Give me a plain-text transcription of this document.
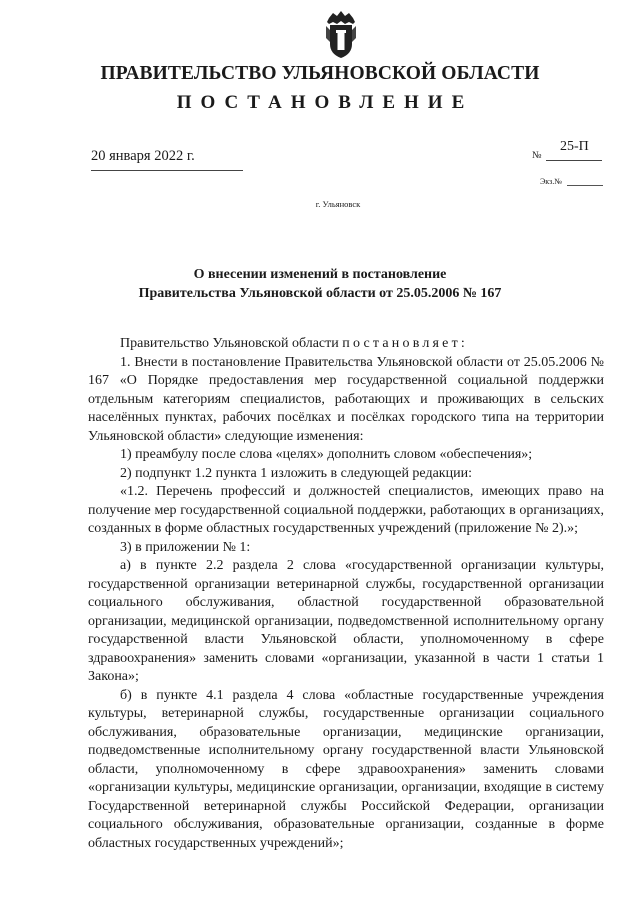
ПРАВИТЕЛЬСТВО УЛЬЯНОВСКОЙ ОБЛАСТИ
ПОСТАНОВЛЕНИЕ
20 января 2022 г.	№
25-П
Экз.№
г. Ульяновск
О внесении изменений в постановление
Правительства Ульяновской области от 25.05.2006 № 167

Правительство Ульяновской области постановляет:

1. Внести в постановление Правительства Ульяновской области от 25.05.2006 № 167 «О Порядке предоставления мер государственной социальной поддержки отдельным категориям специалистов, работающих и проживающих в сельских населённых пунктах, рабочих посёлках и посёлках городского типа на территории Ульяновской области» следующие изменения:

1) преамбулу после слова «целях» дополнить словом «обеспечения»;

2) подпункт 1.2 пункта 1 изложить в следующей редакции:

«1.2. Перечень профессий и должностей специалистов, имеющих право на получение мер государственной социальной поддержки, работающих в организациях, созданных в форме областных государственных учреждений (приложение № 2).»;

3) в приложении № 1:

а) в пункте 2.2 раздела 2 слова «государственной организации культуры, государственной организации ветеринарной службы, государственной организации социального обслуживания, областной государственной образовательной организации, медицинской организации, подведомственной исполнительному органу государственной власти Ульяновской области, уполномоченному в сфере здравоохранения» заменить словами «организации, указанной в части 1 статьи 1 Закона»;

б) в пункте 4.1 раздела 4 слова «областные государственные учреждения культуры, ветеринарной службы, государственные организации социального обслуживания, образовательные организации, медицинские организации, подведомственные исполнительному органу государственной власти Ульяновской области, уполномоченному в сфере здравоохранения» заменить словами «организации культуры, медицинские организации, организации, входящие в систему Государственной ветеринарной службы Российской Федерации, организации социального обслуживания, образовательные организации, созданные в форме областных государственных учреждений»;
